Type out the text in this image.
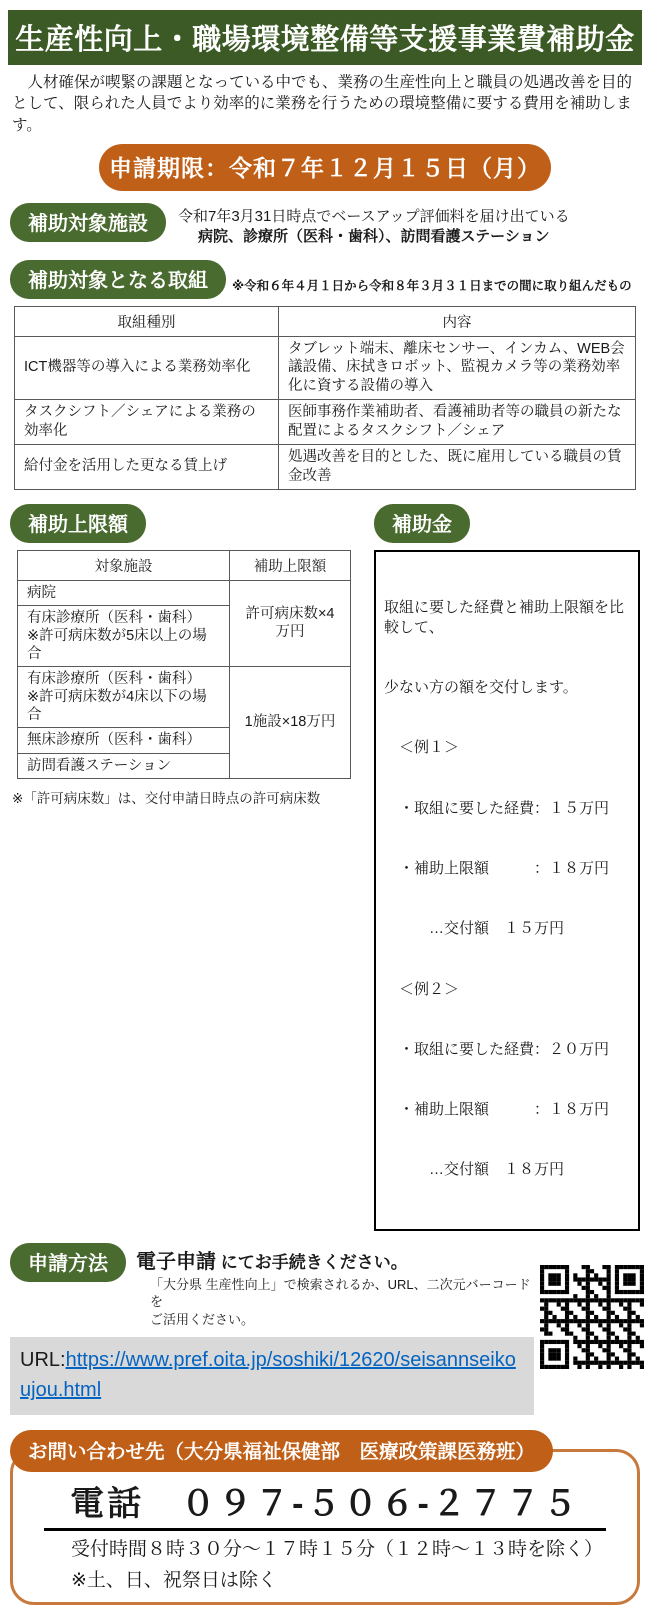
生産性向上・職場環境整備等支援事業費補助金

　人材確保が喫緊の課題となっている中でも、業務の生産性向上と職員の処遇改善を目的として、限られた人員でより効率的に業務を行うための環境整備に要する費用を補助します。

申請期限：令和７年１２月１５日（月）
補助対象施設	令和7年3月31日時点でベースアップ評価料を届け出ている
病院、診療所（医科・歯科）、訪問看護ステーション
補助対象となる取組	※令和６年４月１日から令和８年３月３１日までの間に取り組んだもの
取組種別	内容
ICT機器等の導入による業務効率化	タブレット端末、離床センサー、インカム、WEB会議設備、床拭きロボット、監視カメラ等の業務効率化に資する設備の導入
タスクシフト／シェアによる業務の効率化	医師事務作業補助者、看護補助者等の職員の新たな配置によるタスクシフト／シェア
給付金を活用した更なる賃上げ	処遇改善を目的とした、既に雇用している職員の賃金改善
補助上限額
対象施設	補助上限額
病院	許可病床数×4万円

有床診療所（医科・歯科）
※許可病床数が5床以上の場合	

有床診療所（医科・歯科）
※許可病床数が4床以下の場合	1施設×18万円
無床診療所（医科・歯科）	
訪問看護ステーション	
※「許可病床数」は、交付申請日時点の許可病床数
補助金

取組に要した経費と補助上限額を比較して、

少ない方の額を交付します。

　＜例１＞

　・取組に要した経費：１５万円

　・補助上限額　　　：１８万円

　　　…交付額　１５万円

　＜例２＞

　・取組に要した経費：２０万円

　・補助上限額　　　：１８万円

　　　…交付額　１８万円

申請方法	電子申請 にてお手続きください。
「大分県 生産性向上」で検索されるか、URL、二次元バーコードを
ご活用ください。
URL:https://www.pref.oita.jp/soshiki/12620/seisannseikoujou.html
お問い合わせ先（大分県福祉保健部　医療政策課医務班）
電話　 ０９７-５０６-２７７５
受付時間８時３０分～１７時１５分（１２時～１３時を除く）
※土、日、祝祭日は除く
